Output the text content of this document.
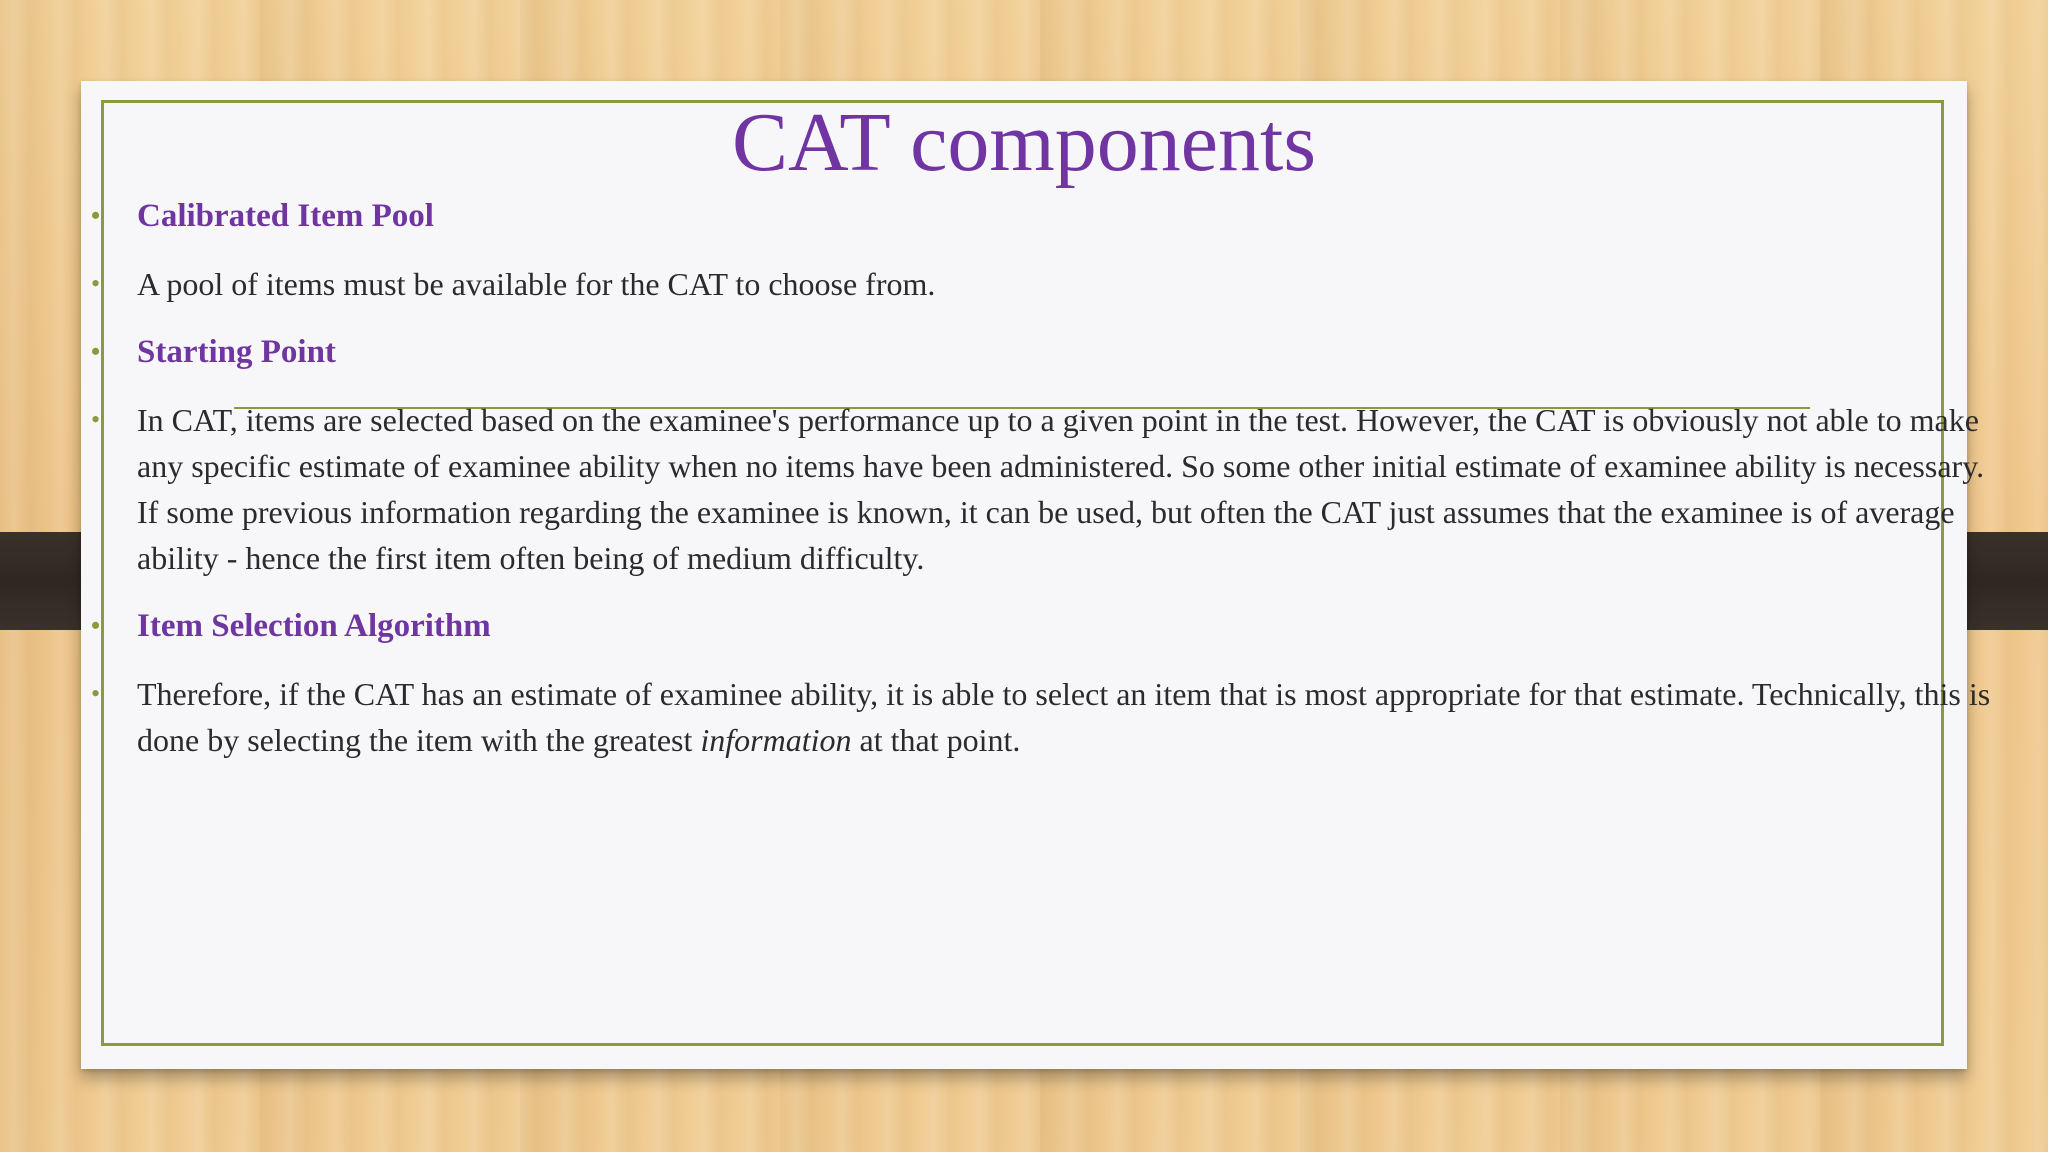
CAT components
• Calibrated Item Pool
• A pool of items must be available for the CAT to choose from.
• Starting Point
• In CAT, items are selected based on the examinee's performance up to a given point in the test. However, the CAT is obviously not able to make any specific estimate of examinee ability when no items have been administered. So some other initial estimate of examinee ability is necessary. If some previous information regarding the examinee is known, it can be used, but often the CAT just assumes that the examinee is of average ability - hence the first item often being of medium difficulty.
• Item Selection Algorithm
• Therefore, if the CAT has an estimate of examinee ability, it is able to select an item that is most appropriate for that estimate. Technically, this is done by selecting the item with the greatest information at that point.
